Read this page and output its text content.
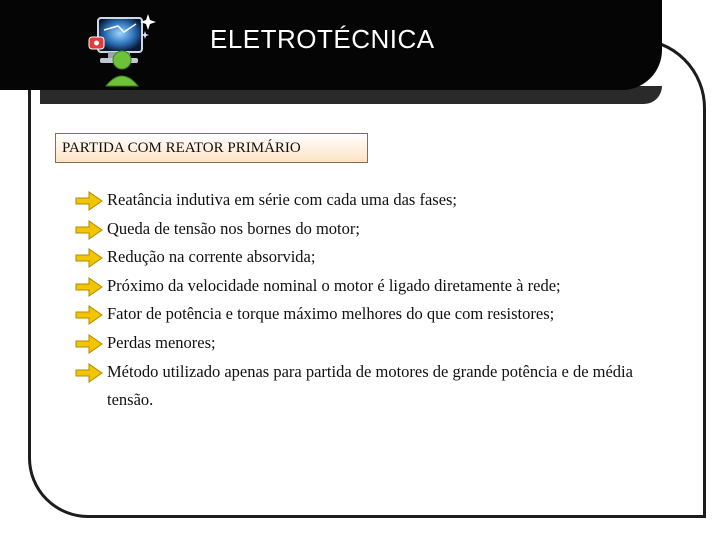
ELETROTÉCNICA
PARTIDA COM REATOR PRIMÁRIO
Reatância indutiva em série com cada uma das fases;
Queda de tensão nos bornes do motor;
Redução na corrente absorvida;
Próximo da velocidade nominal o motor é ligado diretamente à rede;
Fator de potência e torque máximo melhores do que com resistores;
Perdas menores;
Método utilizado apenas para partida de motores de grande potência e de média tensão.
